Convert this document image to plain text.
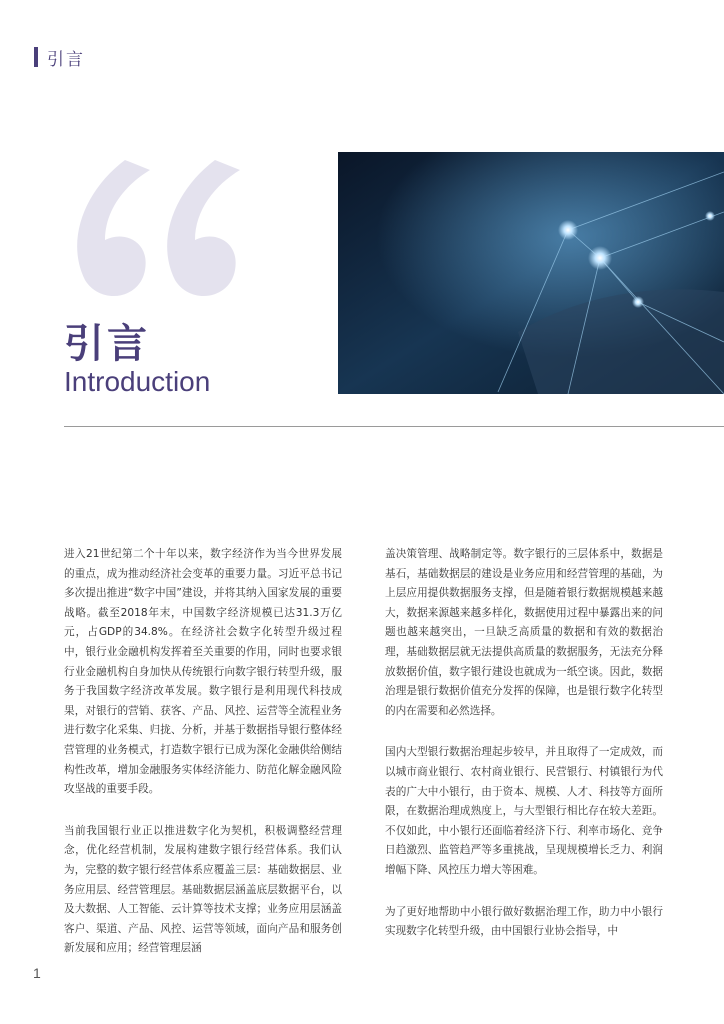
引言
引言
Introduction

进入21世纪第二个十年以来，数字经济作为当今世界发展的重点，成为推动经济社会变革的重要力量。习近平总书记多次提出推进“数字中国”建设，并将其纳入国家发展的重要战略。截至2018年末，中国数字经济规模已达31.3万亿元，占GDP的34.8%。在经济社会数字化转型升级过程中，银行业金融机构发挥着至关重要的作用，同时也要求银行业金融机构自身加快从传统银行向数字银行转型升级，服务于我国数字经济改革发展。数字银行是利用现代科技成果，对银行的营销、获客、产品、风控、运营等全流程业务进行数字化采集、归拢、分析，并基于数据指导银行整体经营管理的业务模式，打造数字银行已成为深化金融供给侧结构性改革，增加金融服务实体经济能力、防范化解金融风险攻坚战的重要手段。

当前我国银行业正以推进数字化为契机，积极调整经营理念，优化经营机制，发展构建数字银行经营体系。我们认为，完整的数字银行经营体系应覆盖三层：基础数据层、业务应用层、经营管理层。基础数据层涵盖底层数据平台，以及大数据、人工智能、云计算等技术支撑；业务应用层涵盖客户、渠道、产品、风控、运营等领域，面向产品和服务创新发展和应用；经营管理层涵

盖决策管理、战略制定等。数字银行的三层体系中，数据是基石，基础数据层的建设是业务应用和经营管理的基础，为上层应用提供数据服务支撑，但是随着银行数据规模越来越大，数据来源越来越多样化，数据使用过程中暴露出来的问题也越来越突出，一旦缺乏高质量的数据和有效的数据治理，基础数据层就无法提供高质量的数据服务，无法充分释放数据价值，数字银行建设也就成为一纸空谈。因此，数据治理是银行数据价值充分发挥的保障，也是银行数字化转型的内在需要和必然选择。

国内大型银行数据治理起步较早，并且取得了一定成效，而以城市商业银行、农村商业银行、民营银行、村镇银行为代表的广大中小银行，由于资本、规模、人才、科技等方面所限，在数据治理成熟度上，与大型银行相比存在较大差距。不仅如此，中小银行还面临着经济下行、利率市场化、竞争日趋激烈、监管趋严等多重挑战，呈现规模增长乏力、利润增幅下降、风控压力增大等困难。

为了更好地帮助中小银行做好数据治理工作，助力中小银行实现数字化转型升级，由中国银行业协会指导，中

1
